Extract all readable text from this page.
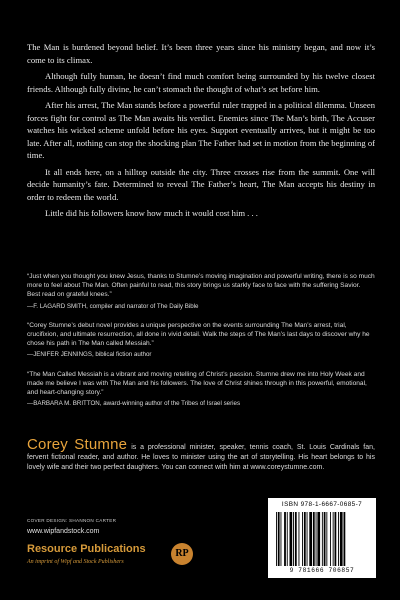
The Man is burdened beyond belief. It’s been three years since his ministry began, and now it’s come to its climax.

Although fully human, he doesn’t find much comfort being surrounded by his twelve closest friends. Although fully divine, he can’t stomach the thought of what’s set before him.

After his arrest, The Man stands before a powerful ruler trapped in a political dilemma. Unseen forces fight for control as The Man awaits his verdict. Enemies since The Man’s birth, The Accuser watches his wicked scheme unfold before his eyes. Support eventually arrives, but it might be too late. After all, nothing can stop the shocking plan The Father had set in motion from the beginning of time.

It all ends here, on a hilltop outside the city. Three crosses rise from the summit. One will decide humanity’s fate. Determined to reveal The Father’s heart, The Man accepts his destiny in order to redeem the world.

Little did his followers know how much it would cost him . . .

“Just when you thought you knew Jesus, thanks to Stumne’s moving imagination and powerful writing, there is so much more to feel about The Man. Often painful to read, this story brings us starkly face to face with the suffering Savior. Best read on grateful knees.”

—F. LAGARD SMITH, compiler and narrator of The Daily Bible

“Corey Stumne’s debut novel provides a unique perspective on the events surrounding The Man’s arrest, trial, crucifixion, and ultimate resurrection, all done in vivid detail. Walk the steps of The Man’s last days to discover why he chose his path in The Man called Messiah.”

—JENIFER JENNINGS, biblical fiction author

“The Man Called Messiah is a vibrant and moving retelling of Christ’s passion. Stumne drew me into Holy Week and made me believe I was with The Man and his followers. The love of Christ shines through in this powerful, emotional, and heart-changing story.”

—BARBARA M. BRITTON, award-winning author of the Tribes of Israel series

Corey Stumne is a professional minister, speaker, tennis coach, St. Louis Cardinals fan, fervent fictional reader, and author. He loves to minister using the art of storytelling. His heart belongs to his lovely wife and their two perfect daughters. You can connect with him at www.coreystumne.com.
COVER DESIGN: SHANNON CARTER
www.wipfandstock.com
Resource Publications
An imprint of Wipf and Stock Publishers
RP
ISBN 978-1-6667-0685-7
9 781666 706857
